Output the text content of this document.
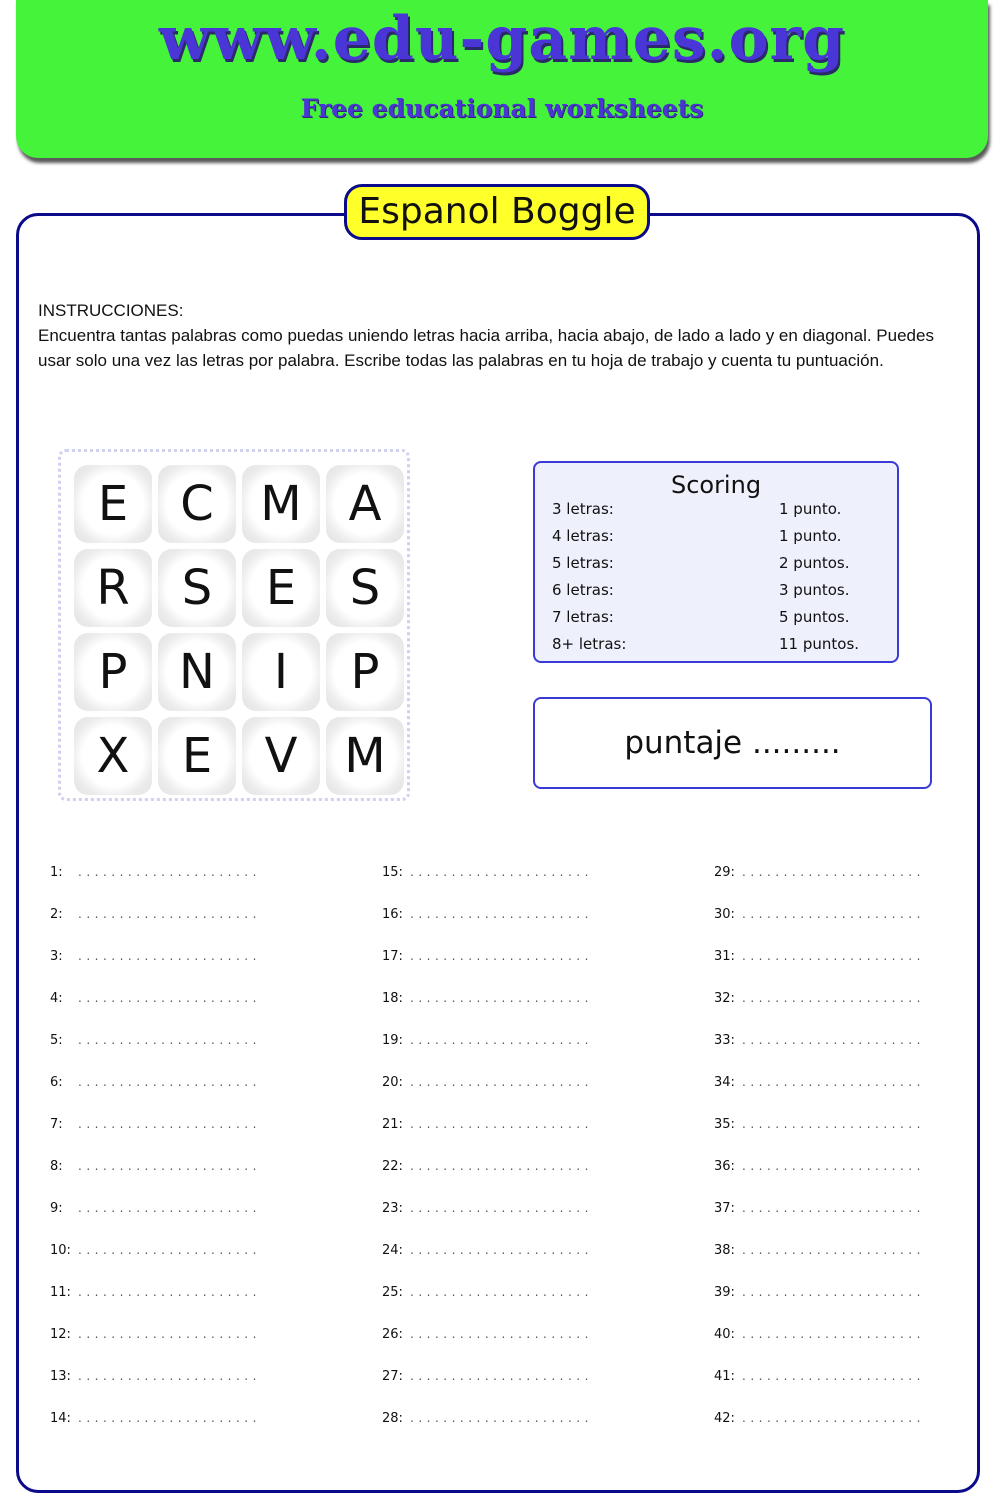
www.edu-games.org
Free educational worksheets
Espanol Boggle
INSTRUCCIONES:
Encuentra tantas palabras como puedas uniendo letras hacia arriba, hacia abajo, de lado a lado y en diagonal. Puedes usar solo una vez las letras por palabra. Escribe todas las palabras en tu hoja de trabajo y cuenta tu puntuación.
E	C M A
R	S	E	S
P	N	I	P
X	E	V M
Scoring
3 letras:	1 punto.
4 letras:	1 punto.
5 letras:	2 puntos.
6 letras:	3 puntos.
7 letras:	5 puntos.
8+ letras:	11 puntos.
puntaje .........
1: ......................
2: ......................
3: ......................
4: ......................
5: ......................
6: ......................
7: ......................
8: ......................
9: ......................
10: ......................
11: ......................
12: ......................
13: ......................
14: ......................
15: ......................
16: ......................
17: ......................
18: ......................
19: ......................
20: ......................
21: ......................
22: ......................
23: ......................
24: ......................
25: ......................
26: ......................
27: ......................
28: ......................
29: ......................
30: ......................
31: ......................
32: ......................
33: ......................
34: ......................
35: ......................
36: ......................
37: ......................
38: ......................
39: ......................
40: ......................
41: ......................
42: ......................
